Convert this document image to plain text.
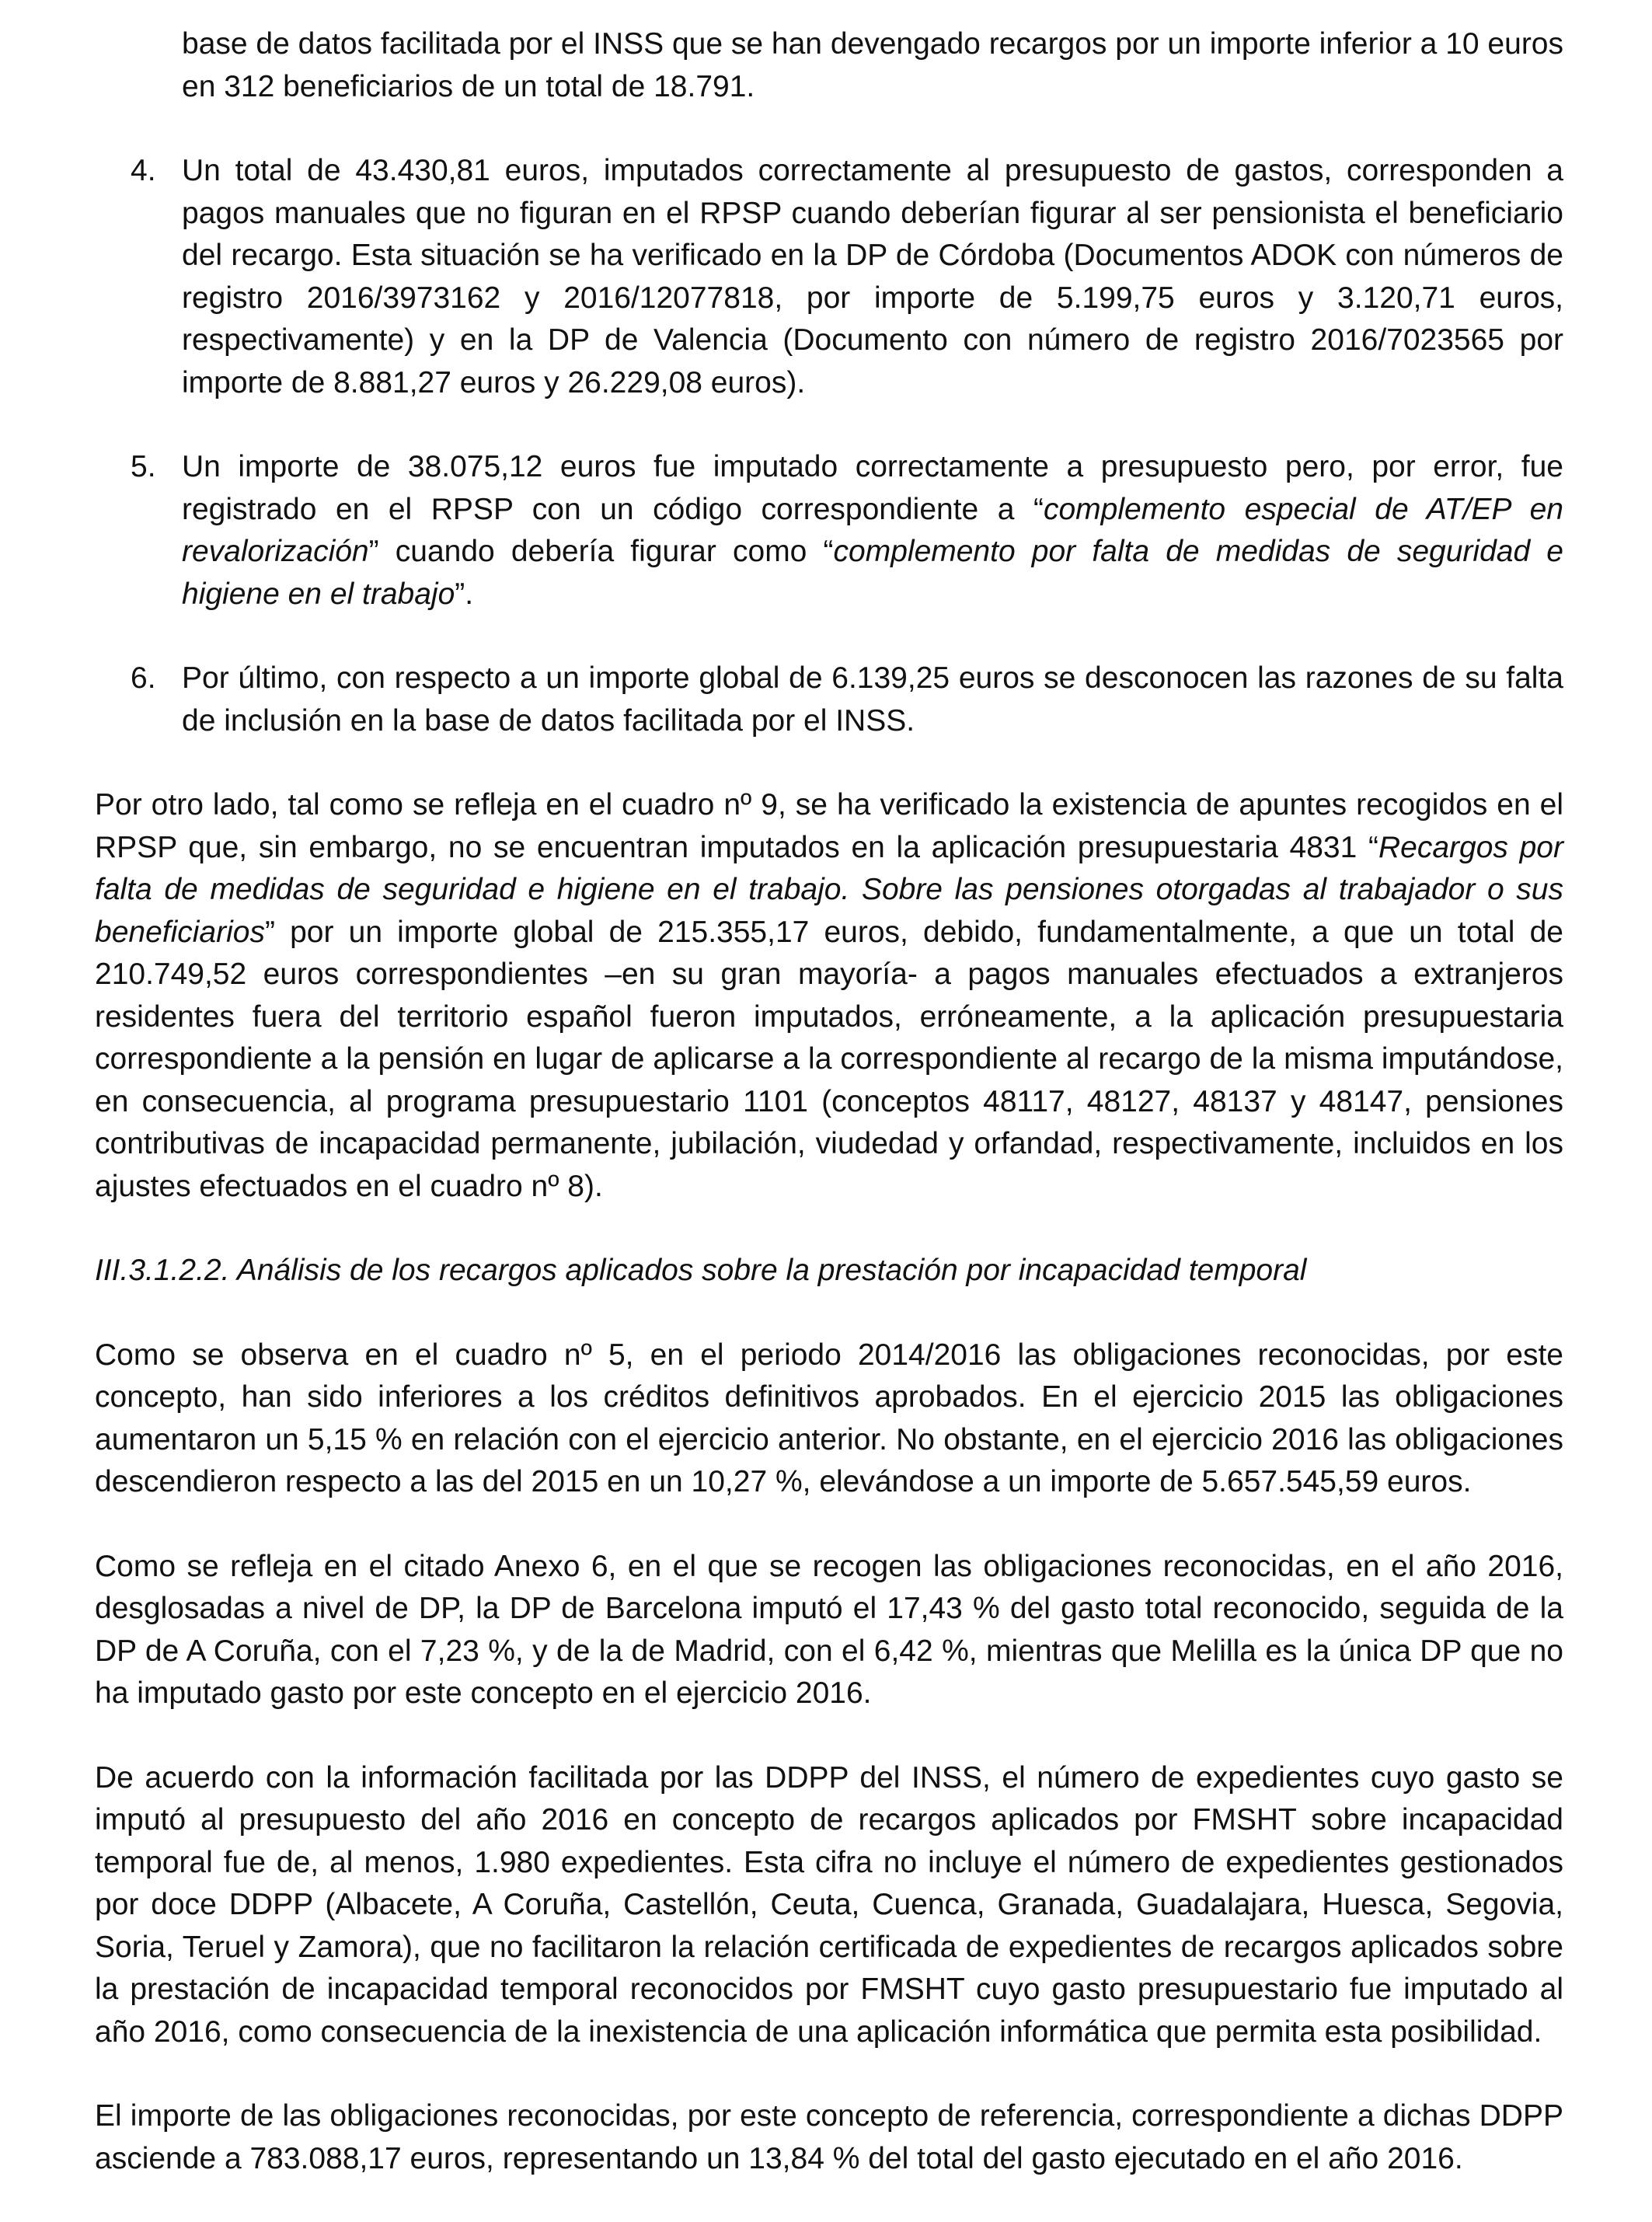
base de datos facilitada por el INSS que se han devengado recargos por un importe inferior a 10 euros en 312 beneficiarios de un total de 18.791.

4. Un total de 43.430,81 euros, imputados correctamente al presupuesto de gastos, corresponden a pagos manuales que no figuran en el RPSP cuando deberían figurar al ser pensionista el beneficiario del recargo. Esta situación se ha verificado en la DP de Córdoba (Documentos ADOK con números de registro 2016/3973162 y 2016/12077818, por importe de 5.199,75 euros y 3.120,71 euros, respectivamente) y en la DP de Valencia (Documento con número de registro 2016/7023565 por importe de 8.881,27 euros y 26.229,08 euros).

5. Un importe de 38.075,12 euros fue imputado correctamente a presupuesto pero, por error, fue registrado en el RPSP con un código correspondiente a “complemento especial de AT/EP en revalorización” cuando debería figurar como “complemento por falta de medidas de seguridad e higiene en el trabajo”.

6. Por último, con respecto a un importe global de 6.139,25 euros se desconocen las razones de su falta de inclusión en la base de datos facilitada por el INSS.

Por otro lado, tal como se refleja en el cuadro nº 9, se ha verificado la existencia de apuntes recogidos en el RPSP que, sin embargo, no se encuentran imputados en la aplicación presupuestaria 4831 “Recargos por falta de medidas de seguridad e higiene en el trabajo. Sobre las pensiones otorgadas al trabajador o sus beneficiarios” por un importe global de 215.355,17 euros, debido, fundamentalmente, a que un total de 210.749,52 euros correspondientes –en su gran mayoría- a pagos manuales efectuados a extranjeros residentes fuera del territorio español fueron imputados, erróneamente, a la aplicación presupuestaria correspondiente a la pensión en lugar de aplicarse a la correspondiente al recargo de la misma imputándose, en consecuencia, al programa presupuestario 1101 (conceptos 48117, 48127, 48137 y 48147, pensiones contributivas de incapacidad permanente, jubilación, viudedad y orfandad, respectivamente, incluidos en los ajustes efectuados en el cuadro nº 8).

III.3.1.2.2. Análisis de los recargos aplicados sobre la prestación por incapacidad temporal

Como se observa en el cuadro nº 5, en el periodo 2014/2016 las obligaciones reconocidas, por este concepto, han sido inferiores a los créditos definitivos aprobados. En el ejercicio 2015 las obligaciones aumentaron un 5,15 % en relación con el ejercicio anterior. No obstante, en el ejercicio 2016 las obligaciones descendieron respecto a las del 2015 en un 10,27 %, elevándose a un importe de 5.657.545,59 euros.

Como se refleja en el citado Anexo 6, en el que se recogen las obligaciones reconocidas, en el año 2016, desglosadas a nivel de DP, la DP de Barcelona imputó el 17,43 % del gasto total reconocido, seguida de la DP de A Coruña, con el 7,23 %, y de la de Madrid, con el 6,42 %, mientras que Melilla es la única DP que no ha imputado gasto por este concepto en el ejercicio 2016.

De acuerdo con la información facilitada por las DDPP del INSS, el número de expedientes cuyo gasto se imputó al presupuesto del año 2016 en concepto de recargos aplicados por FMSHT sobre incapacidad temporal fue de, al menos, 1.980 expedientes. Esta cifra no incluye el número de expedientes gestionados por doce DDPP (Albacete, A Coruña, Castellón, Ceuta, Cuenca, Granada, Guadalajara, Huesca, Segovia, Soria, Teruel y Zamora), que no facilitaron la relación certificada de expedientes de recargos aplicados sobre la prestación de incapacidad temporal reconocidos por FMSHT cuyo gasto presupuestario fue imputado al año 2016, como consecuencia de la inexistencia de una aplicación informática que permita esta posibilidad.

El importe de las obligaciones reconocidas, por este concepto de referencia, correspondiente a dichas DDPP asciende a 783.088,17 euros, representando un 13,84 % del total del gasto ejecutado en el año 2016.
